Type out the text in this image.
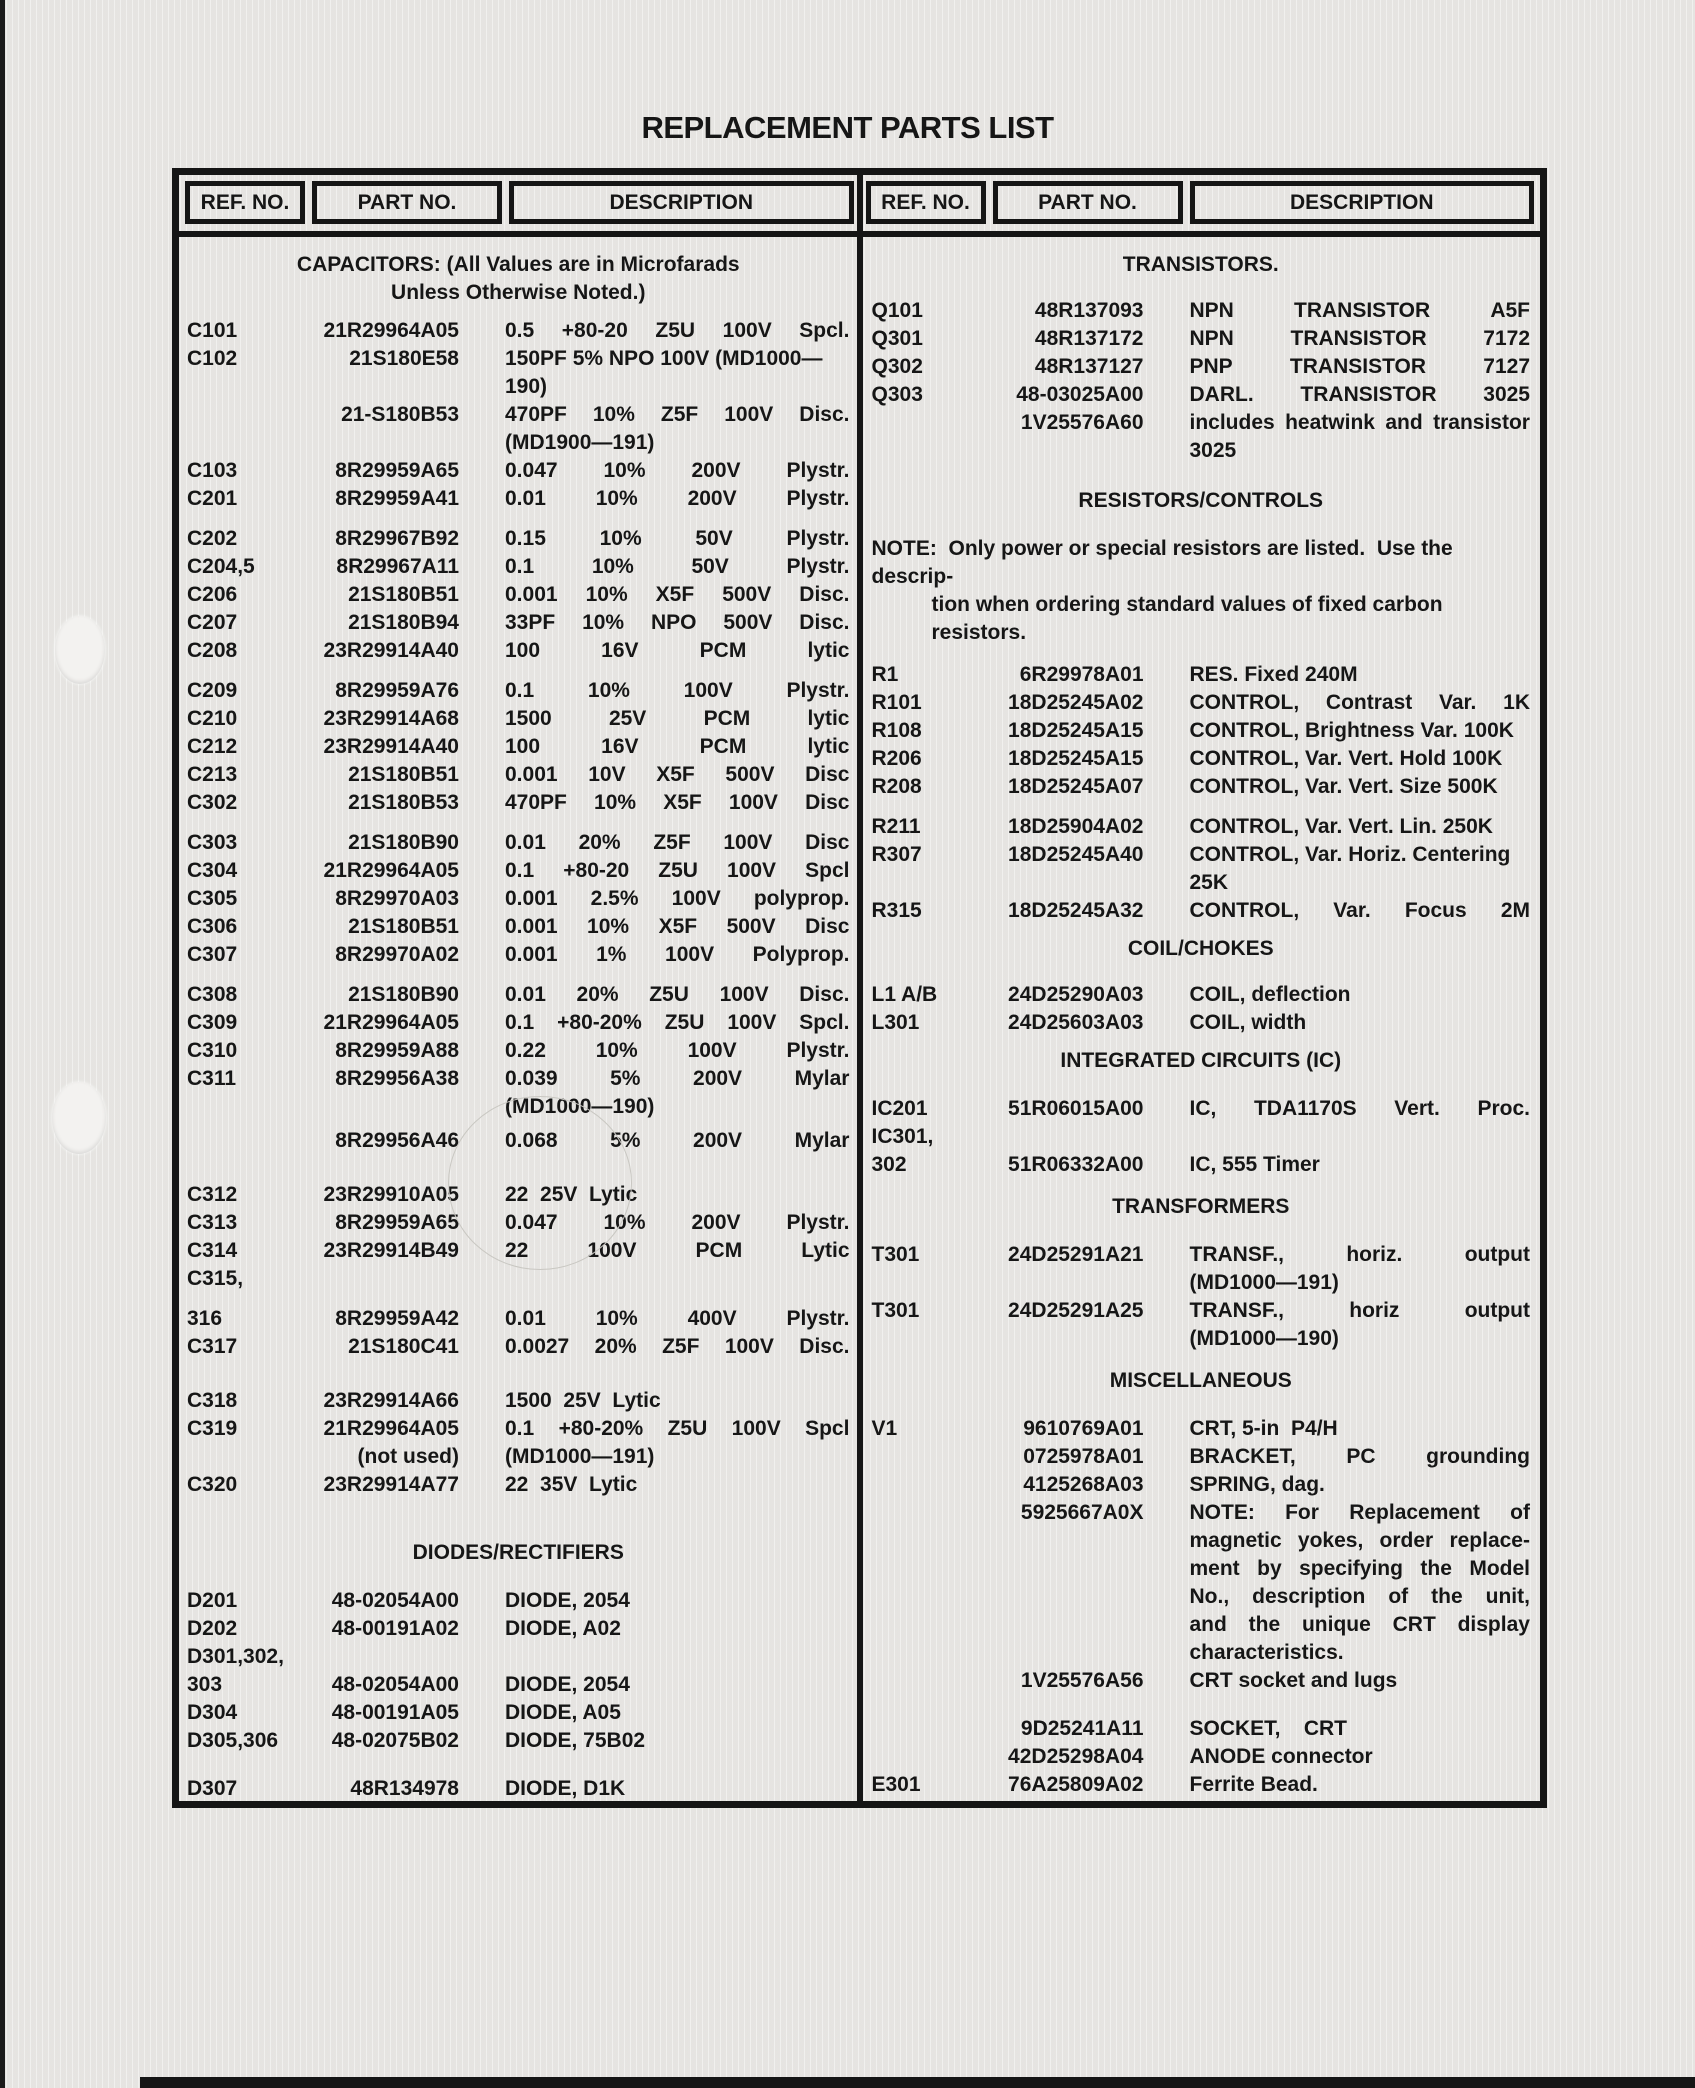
REPLACEMENT PARTS LIST
REF. NO.	PART NO.	DESCRIPTION	REF. NO.	PART NO.	DESCRIPTION
CAPACITORS: (All Values are in Microfarads
Unless Otherwise Noted.)
C101	21R29964A05 0.5 +80-20 Z5U 100V Spcl.
C102	21S180E58 150PF 5% NPO 100V (MD1000—
190)
21-S180B53 470PF 10% Z5F 100V Disc.
(MD1900—191)
C103	8R29959A65 0.047 10% 200V Plystr.
C201	8R29959A41 0.01 10% 200V Plystr.
C202	8R29967B92 0.15	10%	50V	Plystr.
C204,5	8R29967A11 0.1	10%	50V	Plystr.
C206	21S180B51 0.001 10% X5F 500V Disc.
C207	21S180B94 33PF 10% NPO 500V Disc.
C208	23R29914A40 100	16V	PCM	lytic
C209	8R29959A76 0.1	10%	100V	Plystr.
C210	23R29914A68 1500	25V	PCM	lytic
C212	23R29914A40 100	16V	PCM	lytic
C213	21S180B51 0.001 10V X5F 500V Disc
C302	21S180B53 470PF 10% X5F 100V Disc
C303	21S180B90 0.01 20% Z5F 100V Disc
C304	21R29964A05 0.1 +80-20 Z5U 100V Spcl
C305	8R29970A03 0.001 2.5% 100V polyprop.
C306	21S180B51 0.001 10% X5F 500V Disc
C307	8R29970A02 0.001 1% 100V Polyprop.
C308	21S180B90 0.01 20% Z5U 100V Disc.
C309	21R29964A05 0.1 +80-20% Z5U 100V Spcl.
C310	8R29959A88 0.22 10% 100V Plystr.
C311	8R29956A38 0.039	5%	200V	Mylar
(MD1000—190)
8R29956A46 0.068	5%	200V	Mylar
C312	23R29910A05 22  25V  Lytic
C313	8R29959A65 0.047 10% 200V Plystr.
C314	23R29914B49 22	100V	PCM	Lytic
C315,
316	8R29959A42 0.01 10% 400V Plystr.
C317	21S180C41 0.0027 20% Z5F 100V Disc.
C318	23R29914A66 1500  25V  Lytic
C319	21R29964A05 0.1 +80-20% Z5U 100V Spcl
(not used) (MD1000—191)
C320	23R29914A77 22  35V  Lytic
DIODES/RECTIFIERS
D201	48-02054A00 DIODE, 2054
D202	48-00191A02 DIODE, A02
D301,302,
303	48-02054A00 DIODE, 2054
D304	48-00191A05 DIODE, A05
D305,306	48-02075B02 DIODE, 75B02
D307	48R134978 DIODE, D1K
TRANSISTORS.
Q101	48R137093 NPN	TRANSISTOR	A5F
Q301	48R137172 NPN	TRANSISTOR	7172
Q302	48R137127 PNP	TRANSISTOR	7127
Q303	48-03025A00 DARL. TRANSISTOR 3025
1V25576A60 includes heatwink and transistor
3025
RESISTORS/CONTROLS
NOTE:  Only power or special resistors are listed.  Use the descrip-
tion when ordering standard values of fixed carbon resistors.
R1	6R29978A01 RES. Fixed 240M
R101	18D25245A02 CONTROL, Contrast Var. 1K
R108	18D25245A15 CONTROL, Brightness Var. 100K
R206	18D25245A15 CONTROL, Var. Vert. Hold 100K
R208	18D25245A07 CONTROL, Var. Vert. Size 500K
R211	18D25904A02 CONTROL, Var. Vert. Lin. 250K
R307	18D25245A40 CONTROL, Var. Horiz. Centering
25K
R315	18D25245A32 CONTROL, Var. Focus 2M
COIL/CHOKES
L1 A/B	24D25290A03 COIL, deflection
L301	24D25603A03 COIL, width
INTEGRATED CIRCUITS (IC)
IC201	51R06015A00 IC, TDA1170S Vert. Proc.
IC301,
302	51R06332A00 IC, 555 Timer
TRANSFORMERS
T301	24D25291A21 TRANSF.,	horiz.	output
(MD1000—191)
T301	24D25291A25 TRANSF.,	horiz	output
(MD1000—190)
MISCELLANEOUS
V1	9610769A01 CRT, 5-in  P4/H
0725978A01 BRACKET, PC grounding
4125268A03 SPRING, dag.
5925667A0X NOTE: For Replacement of
magnetic yokes, order replace-
ment by specifying the Model
No., description of the unit,
and the unique CRT display
characteristics.
1V25576A56 CRT socket and lugs
9D25241A11 SOCKET,    CRT
42D25298A04 ANODE connector
E301	76A25809A02 Ferrite Bead.
